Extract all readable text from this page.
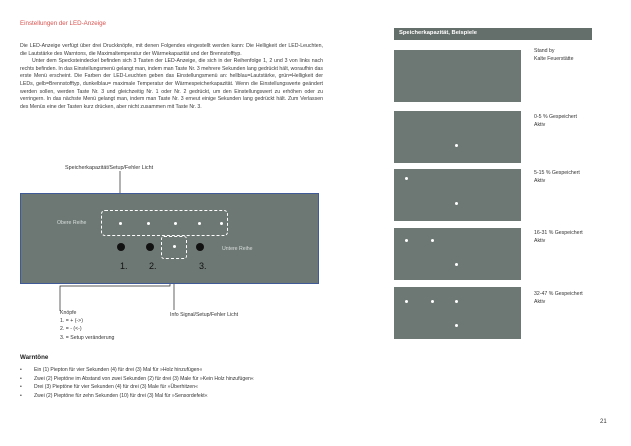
Einstellungen der LED-Anzeige

Die LED-Anzeige verfügt über drei Druckknöpfe, mit denen Folgendes eingestellt werden kann: Die Helligkeit der LED-Leuchten, die Lautstärke des Warntons, die Maximaltemperatur der Wärmekapazität und der Brennstofftyp.

Unter dem Specksteindeckel befinden sich 3 Tasten der LED-Anzeige, die sich in der Reihenfolge 1, 2 und 3 von links nach rechts befinden. In das Einstellungsmenü gelangt man, indem man Taste Nr. 3 mehrere Sekunden lang gedrückt hält, woraufhin das erste Menü erscheint. Die Farben der LED-Leuchten geben das Einstellungsmenü an: hellblau=Lautstärke, grün=Helligkeit der LEDs, gelb=Brennstofftyp, dunkelblau= maximale Temperatur der Wärmespeicherkapazität. Wenn die Einstellungswerte geändert werden sollen, werden Taste Nr. 3 und gleichzeitig Nr. 1 oder Nr. 2 gedrückt, um den Einstellungswert zu erhöhen oder zu verringern. In das nächste Menü gelangt man, indem man Taste Nr. 3 erneut einige Sekunden lang gedrückt hält. Zum Verlassen des Menüs eine der Tasten kurz drücken, aber nicht zusammen mit Taste Nr. 3.

Speicherkapazität/Setup/Fehler Licht
Obere Reihe
Untere Reihe
1. 2.	3.
Knöpfe
1. = + (->)
2. = - (<-)
3. = Setup veränderung
Info Signal/Setup/Fehler Licht
Warntöne
• Ein (1) Piepton für vier Sekunden (4) für drei (3) Mal für »Holz hinzufügen«
• Zwei (2) Pieptöne im Abstand von zwei Sekunden (2) für drei (3) Male für »Kein Holz hinzufügen«
• Drei (3) Pieptöne für vier Sekunden (4) für drei (3) Male für »Überhitzen«
• Zwei (2) Pieptöne für zehn Sekunden (10) für drei (3) Mal für »Sensordefekt«
Speicherkapazität, Beispiele
Stand by
Kalte Feuerstätte
0-5 % Gespeichert
Aktiv
5-15 % Gespeichert
Aktiv
16-31 % Gespeichert
Aktiv
32-47 % Gespeichert
Aktiv
21
